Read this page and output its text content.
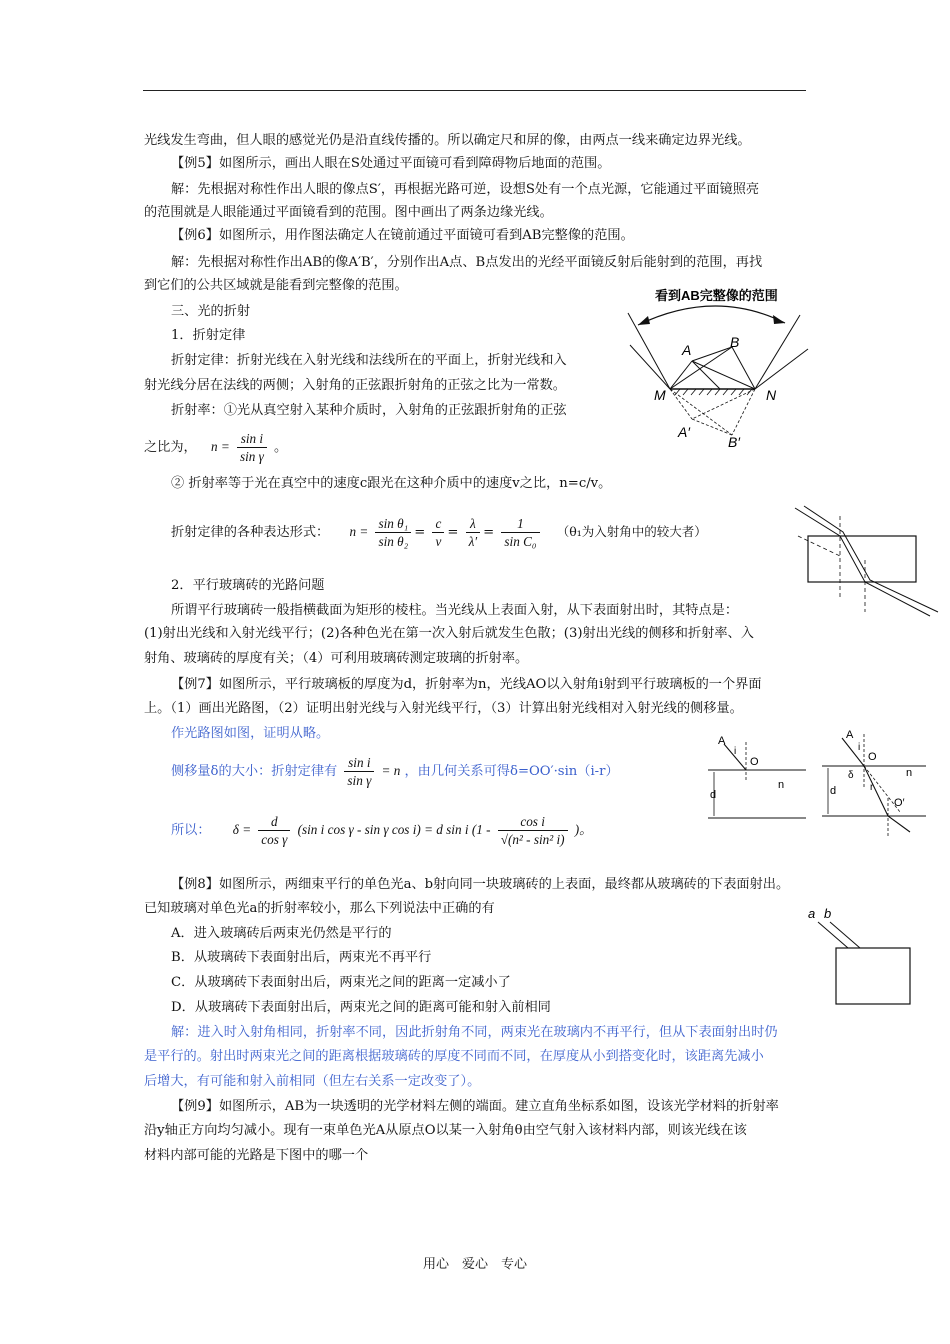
光线发生弯曲，但人眼的感觉光仍是沿直线传播的。所以确定尺和屏的像，由两点一线来确定边界光线。
【例5】如图所示，画出人眼在S处通过平面镜可看到障碍物后地面的范围。
解：先根据对称性作出人眼的像点S′，再根据光路可逆，设想S处有一个点光源，它能通过平面镜照亮
的范围就是人眼能通过平面镜看到的范围。图中画出了两条边缘光线。
【例6】如图所示，用作图法确定人在镜前通过平面镜可看到AB完整像的范围。
解：先根据对称性作出AB的像A′B′，分别作出A点、B点发出的光经平面镜反射后能射到的范围，再找
到它们的公共区域就是能看到完整像的范围。
三、光的折射
1．折射定律
折射定律：折射光线在入射光线和法线所在的平面上，折射光线和入
射光线分居在法线的两侧；入射角的正弦跟折射角的正弦之比为一常数。
折射率：①光从真空射入某种介质时，入射角的正弦跟折射角的正弦
之比为， $n = \frac{\text{sin i}}{\text{sin γ}}$ 。
② 折射率等于光在真空中的速度c跟光在这种介质中的速度v之比，n=c/v。
折射定律的各种表达形式： $n = \frac{\text{sin θ₁}}{\text{sin θ₂}} = \frac{c}{v} = \frac{\lambda}{\lambda'} = \frac{1}{\text{sin C₀}} (\theta_1$为入射角中的较大者）
2．平行玻璃砖的光路问题
所谓平行玻璃砖一般指横截面为矩形的棱柱。当光线从上表面入射，从下表面射出时，其特点是：
(1)射出光线和入射光线平行；(2)各种色光在第一次入射后就发生色散；(3)射出光线的侧移和折射率、入
射角、玻璃砖的厚度有关；（4）可利用玻璃砖测定玻璃的折射率。
【例7】如图所示，平行玻璃板的厚度为d，折射率为n，光线AO以入射角i射到平行玻璃板的一个界面
上。（1）画出光路图，（2）证明出射光线与入射光线平行，（3）计算出射光线相对入射光线的侧移量。
作光路图如图，证明从略。
侧移量δ的大小：折射定律有 $\frac{\text{sin i}}{\text{sin γ}} = n$ ，由几何关系可得δ=OO′·sin（i-r）
所以： $\delta = \frac{d}{\text{cos γ}} (\sin$ i cos γ - sin γ cos i) = d sin i ($1 - \frac{\text{cos i}}{\text{√(n² - sin² i)}}$ )。
【例8】如图所示，两细束平行的单色光a、b射向同一块玻璃砖的上表面，最终都从玻璃砖的下表面射出。
已知玻璃对单色光a的折射率较小，那么下列说法中正确的有
A．进入玻璃砖后两束光仍然是平行的
B．从玻璃砖下表面射出后，两束光不再平行
C．从玻璃砖下表面射出后，两束光之间的距离一定减小了
D．从玻璃砖下表面射出后，两束光之间的距离可能和射入前相同
解：进入时入射角相同，折射率不同，因此折射角不同，两束光在玻璃内不再平行，但从下表面射出时仍
是平行的。射出时两束光之间的距离根据玻璃砖的厚度不同而不同，在厚度从小到搭变化时，该距离先减小
后增大，有可能和射入前相同（但左右关系一定改变了）。
【例9】如图所示，AB为一块透明的光学材料左侧的端面。建立直角坐标系如图，设该光学材料的折射率
沿y轴正方向均匀减小。现有一束单色光A从原点O以某一入射角θ由空气射入该材料内部，则该光线在该
材料内部可能的光路是下图中的哪一个
看到AB完整像的范围
A	B
M	N
A′
B′
A
i
O
n
d
A
i
O
n
d
δ
r
O′
a b
用心　爱心　专心
